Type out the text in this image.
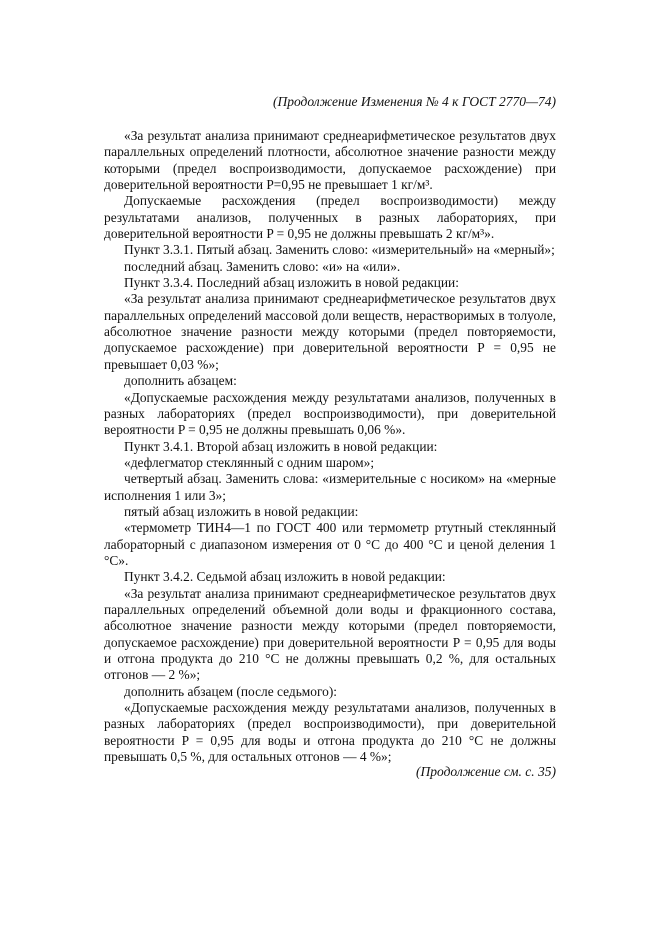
(Продолжение Изменения № 4 к ГОСТ 2770—74)

«За результат анализа принимают среднеарифметическое результатов двух параллельных определений плотности, абсолютное значение разности между которыми (предел воспроизводимости, допускаемое расхождение) при доверительной вероятности P=0,95 не превышает 1 кг/м³.

Допускаемые расхождения (предел воспроизводимости) между результатами анализов, полученных в разных лабораториях, при доверительной вероятности P = 0,95 не должны превышать 2 кг/м³».

Пункт 3.3.1. Пятый абзац. Заменить слово: «измерительный» на «мерный»;

последний абзац. Заменить слово: «и» на «или».

Пункт 3.3.4. Последний абзац изложить в новой редакции:

«За результат анализа принимают среднеарифметическое результатов двух параллельных определений массовой доли веществ, нерастворимых в толуоле, абсолютное значение разности между которыми (предел повторяемости, допускаемое расхождение) при доверительной вероятности P = 0,95 не превышает 0,03 %»;

дополнить абзацем:

«Допускаемые расхождения между результатами анализов, полученных в разных лабораториях (предел воспроизводимости), при доверительной вероятности P = 0,95 не должны превышать 0,06 %».

Пункт 3.4.1. Второй абзац изложить в новой редакции:

«дефлегматор стеклянный с одним шаром»;

четвертый абзац. Заменить слова: «измерительные с носиком» на «мерные исполнения 1 или 3»;

пятый абзац изложить в новой редакции:

«термометр ТИН4—1 по ГОСТ 400 или термометр ртутный стеклянный лабораторный с диапазоном измерения от 0 °С до 400 °С и ценой деления 1 °С».

Пункт 3.4.2. Седьмой абзац изложить в новой редакции:

«За результат анализа принимают среднеарифметическое результатов двух параллельных определений объемной доли воды и фракционного состава, абсолютное значение разности между которыми (предел повторяемости, допускаемое расхождение) при доверительной вероятности P = 0,95 для воды и отгона продукта до 210 °С не должны превышать 0,2 %, для остальных отгонов — 2 %»;

дополнить абзацем (после седьмого):

«Допускаемые расхождения между результатами анализов, полученных в разных лабораториях (предел воспроизводимости), при доверительной вероятности P = 0,95 для воды и отгона продукта до 210 °С не должны превышать 0,5 %, для остальных отгонов — 4 %»;

(Продолжение см. с. 35)
